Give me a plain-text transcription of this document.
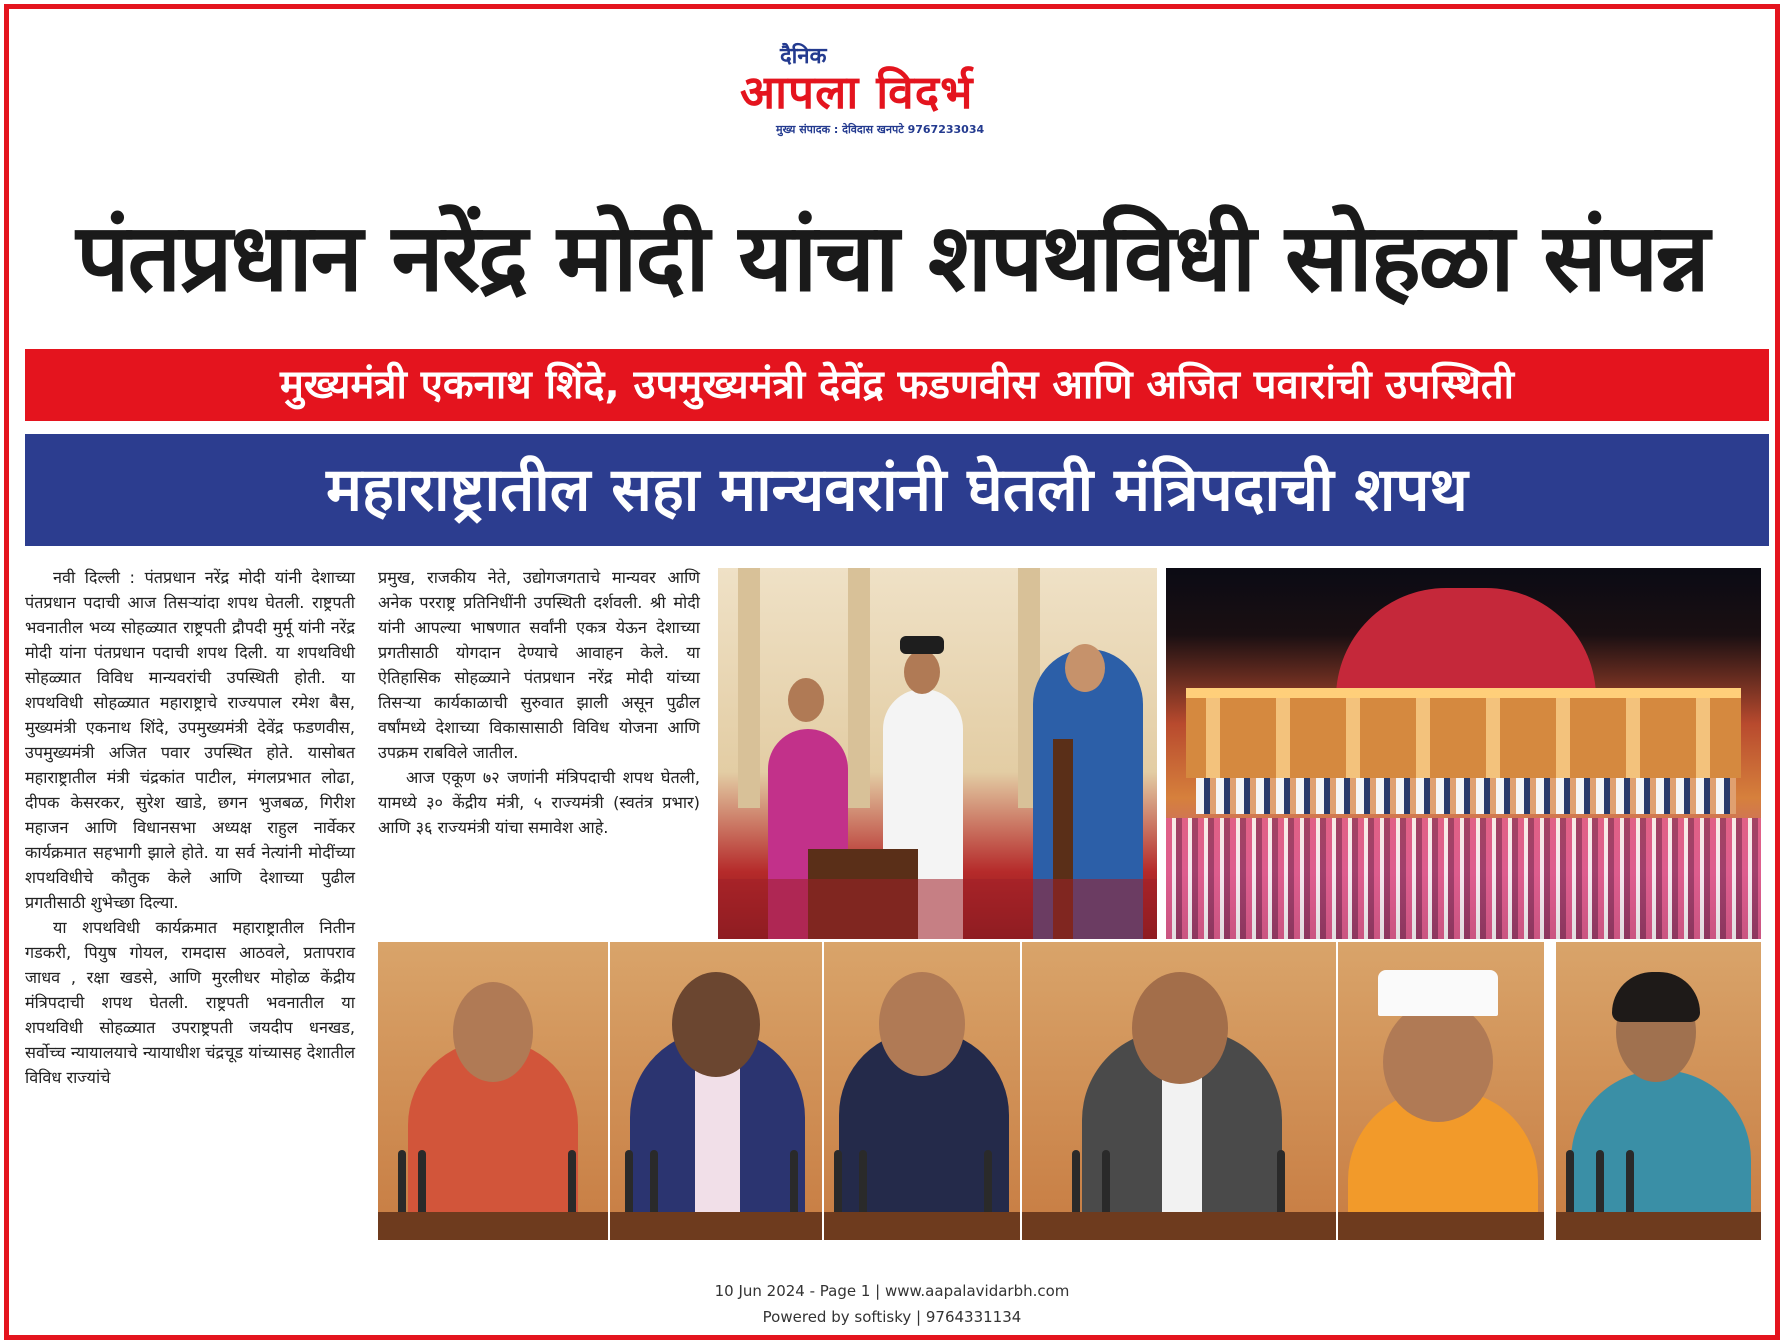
दैनिक
आपला विदर्भ
मुख्य संपादक : देविदास खनपटे 9767233034
पंतप्रधान नरेंद्र मोदी यांचा शपथविधी सोहळा संपन्न
मुख्यमंत्री एकनाथ शिंदे, उपमुख्यमंत्री देवेंद्र फडणवीस आणि अजित पवारांची उपस्थिती
महाराष्ट्रातील सहा मान्यवरांनी घेतली मंत्रिपदाची शपथ

नवी दिल्ली : पंतप्रधान नरेंद्र मोदी यांनी देशाच्या पंतप्रधान पदाची आज तिसऱ्यांदा शपथ घेतली. राष्ट्रपती भवनातील भव्य सोहळ्यात राष्ट्रपती द्रौपदी मुर्मू यांनी नरेंद्र मोदी यांना पंतप्रधान पदाची शपथ दिली. या शपथविधी सोहळ्यात विविध मान्यवरांची उपस्थिती होती. या शपथविधी सोहळ्यात महाराष्ट्राचे राज्यपाल रमेश बैस, मुख्यमंत्री एकनाथ शिंदे, उपमुख्यमंत्री देवेंद्र फडणवीस, उपमुख्यमंत्री अजित पवार उपस्थित होते. यासोबत महाराष्ट्रातील मंत्री चंद्रकांत पाटील, मंगलप्रभात लोढा, दीपक केसरकर, सुरेश खाडे, छगन भुजबळ, गिरीश महाजन आणि विधानसभा अध्यक्ष राहुल नार्वेकर कार्यक्रमात सहभागी झाले होते. या सर्व नेत्यांनी मोदींच्या शपथविधीचे कौतुक केले आणि देशाच्या पुढील प्रगतीसाठी शुभेच्छा दिल्या.

या शपथविधी कार्यक्रमात महाराष्ट्रातील नितीन गडकरी, पियुष गोयल, रामदास आठवले, प्रतापराव जाधव , रक्षा खडसे, आणि मुरलीधर मोहोळ केंद्रीय मंत्रिपदाची शपथ घेतली. राष्ट्रपती भवनातील या शपथविधी सोहळ्यात उपराष्ट्रपती जयदीप धनखड, सर्वोच्च न्यायालयाचे न्यायाधीश चंद्रचूड यांच्यासह देशातील विविध राज्यांचे

प्रमुख, राजकीय नेते, उद्योगजगताचे मान्यवर आणि अनेक परराष्ट्र प्रतिनिधींनी उपस्थिती दर्शवली. श्री मोदी यांनी आपल्या भाषणात सर्वांनी एकत्र येऊन देशाच्या प्रगतीसाठी योगदान देण्याचे आवाहन केले. या ऐतिहासिक सोहळ्याने पंतप्रधान नरेंद्र मोदी यांच्या तिसऱ्या कार्यकाळाची सुरुवात झाली असून पुढील वर्षांमध्ये देशाच्या विकासासाठी विविध योजना आणि उपक्रम राबविले जातील.

आज एकूण ७२ जणांनी मंत्रिपदाची शपथ घेतली, यामध्ये ३० केंद्रीय मंत्री, ५ राज्यमंत्री (स्वतंत्र प्रभार) आणि ३६ राज्यमंत्री यांचा समावेश आहे.

10 Jun 2024 - Page 1 | www.aapalavidarbh.com
Powered by softisky | 9764331134
